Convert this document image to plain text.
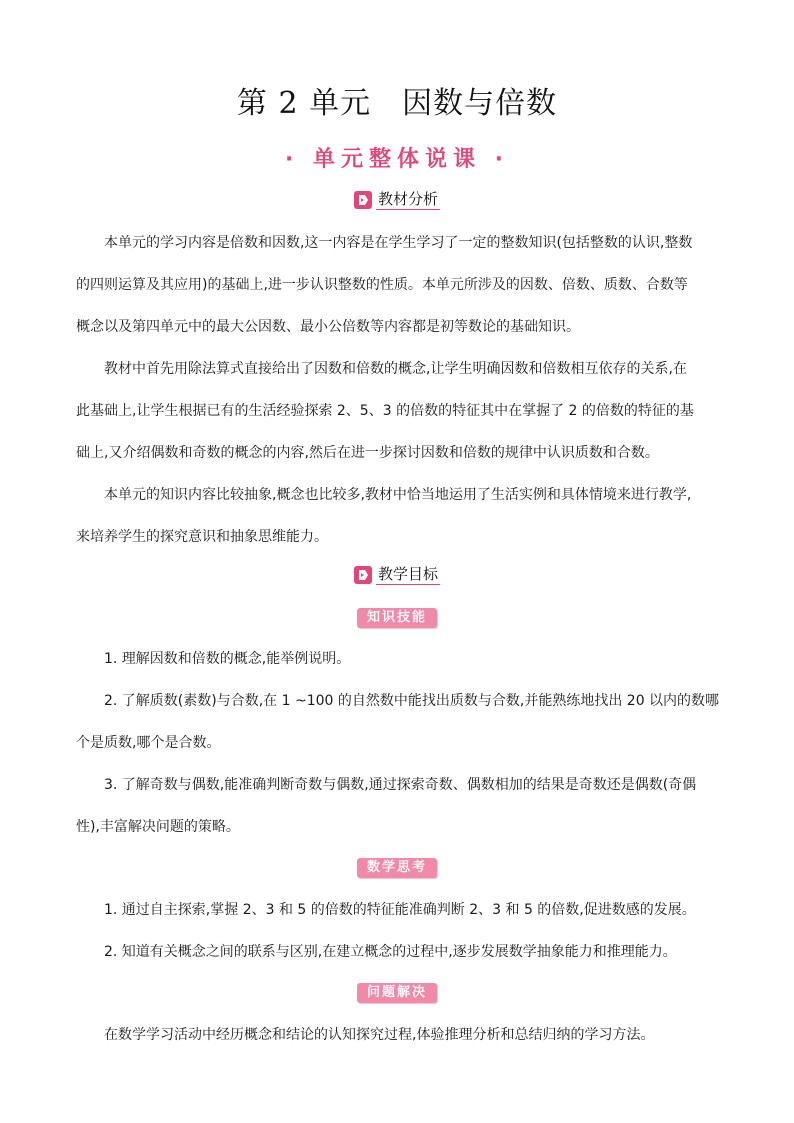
第 2 单元　因数与倍数
· 单元整体说课 ·
教材分析
　　本单元的学习内容是倍数和因数,这一内容是在学生学习了一定的整数知识(包括整数的认识,整数
的四则运算及其应用)的基础上,进一步认识整数的性质。本单元所涉及的因数、倍数、质数、合数等
概念以及第四单元中的最大公因数、最小公倍数等内容都是初等数论的基础知识。
　　教材中首先用除法算式直接给出了因数和倍数的概念,让学生明确因数和倍数相互依存的关系,在
此基础上,让学生根据已有的生活经验探索 2、5、3 的倍数的特征其中在掌握了 2 的倍数的特征的基
础上,又介绍偶数和奇数的概念的内容,然后在进一步探讨因数和倍数的规律中认识质数和合数。
　　本单元的知识内容比较抽象,概念也比较多,教材中恰当地运用了生活实例和具体情境来进行教学,
来培养学生的探究意识和抽象思维能力。
教学目标
知识技能
　　1. 理解因数和倍数的概念,能举例说明。
　　2. 了解质数(素数)与合数,在 1 ~100 的自然数中能找出质数与合数,并能熟练地找出 20 以内的数哪
个是质数,哪个是合数。
　　3. 了解奇数与偶数,能准确判断奇数与偶数,通过探索奇数、偶数相加的结果是奇数还是偶数(奇偶
性),丰富解决问题的策略。
数学思考
　　1. 通过自主探索,掌握 2、3 和 5 的倍数的特征能准确判断 2、3 和 5 的倍数,促进数感的发展。
　　2. 知道有关概念之间的联系与区别,在建立概念的过程中,逐步发展数学抽象能力和推理能力。
问题解决
　　在数学学习活动中经历概念和结论的认知探究过程,体验推理分析和总结归纳的学习方法。
